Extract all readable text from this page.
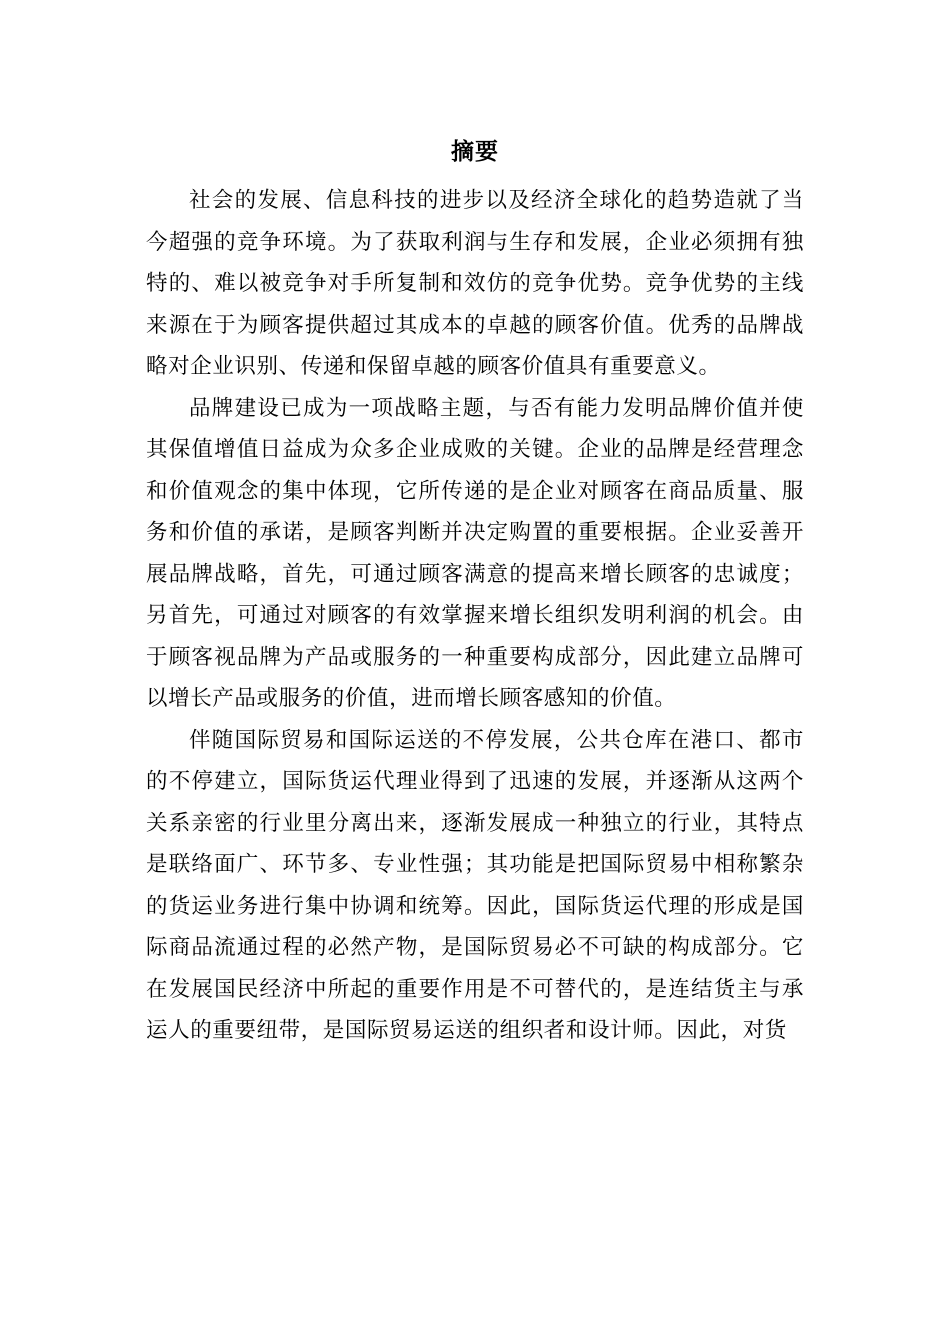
摘要

社会的发展、信息科技的进步以及经济全球化的趋势造就了当今超强的竞争环境。为了获取利润与生存和发展，企业必须拥有独特的、难以被竞争对手所复制和效仿的竞争优势。竞争优势的主线来源在于为顾客提供超过其成本的卓越的顾客价值。优秀的品牌战略对企业识别、传递和保留卓越的顾客价值具有重要意义。

品牌建设已成为一项战略主题，与否有能力发明品牌价值并使其保值增值日益成为众多企业成败的关键。企业的品牌是经营理念和价值观念的集中体现，它所传递的是企业对顾客在商品质量、服务和价值的承诺，是顾客判断并决定购置的重要根据。企业妥善开展品牌战略，首先，可通过顾客满意的提高来增长顾客的忠诚度；另首先，可通过对顾客的有效掌握来增长组织发明利润的机会。由于顾客视品牌为产品或服务的一种重要构成部分，因此建立品牌可以增长产品或服务的价值，进而增长顾客感知的价值。

伴随国际贸易和国际运送的不停发展，公共仓库在港口、都市的不停建立，国际货运代理业得到了迅速的发展，并逐渐从这两个关系亲密的行业里分离出来，逐渐发展成一种独立的行业，其特点是联络面广、环节多、专业性强；其功能是把国际贸易中相称繁杂的货运业务进行集中协调和统筹。因此，国际货运代理的形成是国际商品流通过程的必然产物，是国际贸易必不可缺的构成部分。它在发展国民经济中所起的重要作用是不可替代的，是连结货主与承运人的重要纽带，是国际贸易运送的组织者和设计师。因此，对货
